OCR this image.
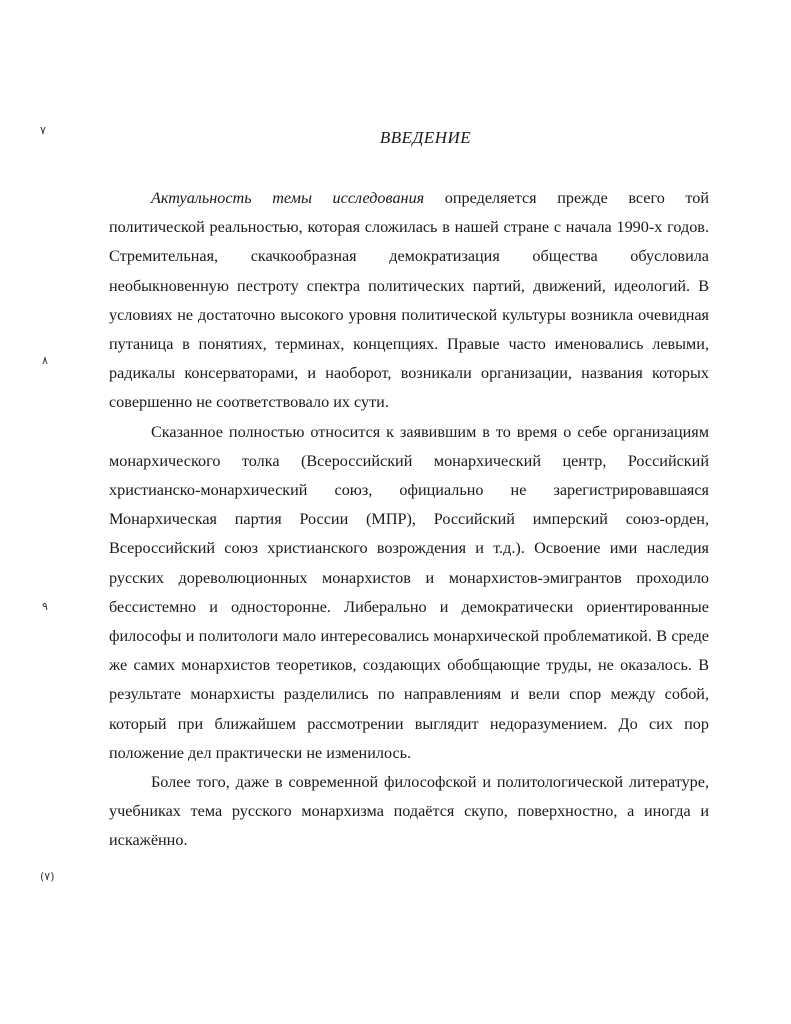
٧
٨
٩
(٧)
ВВЕДЕНИЕ

Актуальность темы исследования определяется прежде всего той политической реальностью, которая сложилась в нашей стране с начала 1990-х годов. Стремительная, скачкообразная демократизация общества обусловила необыкновенную пестроту спектра политических партий, движений, идеологий. В условиях не достаточно высокого уровня политической культуры возникла очевидная путаница в понятиях, терминах, концепциях. Правые часто именовались левыми, радикалы консерваторами, и наоборот, возникали организации, названия которых совершенно не соответствовало их сути.

Сказанное полностью относится к заявившим в то время о себе организациям монархического толка (Всероссийский монархический центр, Российский христианско-монархический союз, официально не зарегистрировавшаяся Монархическая партия России (МПР), Российский имперский союз-орден, Всероссийский союз христианского возрождения и т.д.). Освоение ими наследия русских дореволюционных монархистов и монархистов-эмигрантов проходило бессистемно и односторонне. Либерально и демократически ориентированные философы и политологи мало интересовались монархической проблематикой. В среде же самих монархистов теоретиков, создающих обобщающие труды, не оказалось. В результате монархисты разделились по направлениям и вели спор между собой, который при ближайшем рассмотрении выглядит недоразумением. До сих пор положение дел практически не изменилось.

Более того, даже в современной философской и политологической литературе, учебниках тема русского монархизма подаётся скупо, поверхностно, а иногда и искажённо.
